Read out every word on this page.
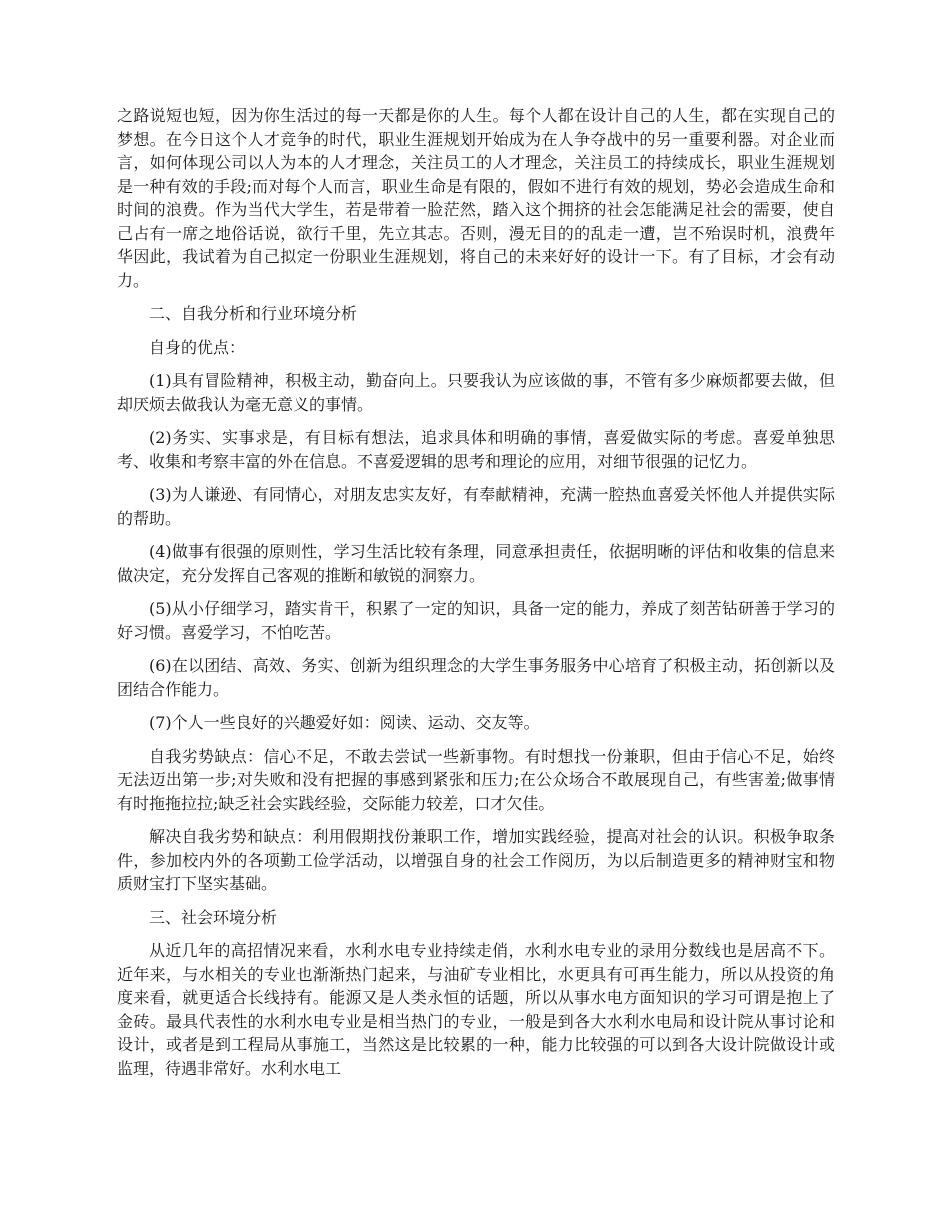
之路说短也短，因为你生活过的每一天都是你的人生。每个人都在设计自己的人生，都在实现自己的梦想。在今日这个人才竞争的时代，职业生涯规划开始成为在人争夺战中的另一重要利器。对企业而言，如何体现公司以人为本的人才理念，关注员工的人才理念，关注员工的持续成长，职业生涯规划是一种有效的手段;而对每个人而言，职业生命是有限的，假如不进行有效的规划，势必会造成生命和时间的浪费。作为当代大学生，若是带着一脸茫然，踏入这个拥挤的社会怎能满足社会的需要，使自己占有一席之地俗话说，欲行千里，先立其志。否则，漫无目的的乱走一遭，岂不殆误时机，浪费年华因此，我试着为自己拟定一份职业生涯规划，将自己的未来好好的设计一下。有了目标，才会有动力。

二、自我分析和行业环境分析

自身的优点：

(1)具有冒险精神，积极主动，勤奋向上。只要我认为应该做的事，不管有多少麻烦都要去做，但却厌烦去做我认为毫无意义的事情。

(2)务实、实事求是，有目标有想法，追求具体和明确的事情，喜爱做实际的考虑。喜爱单独思考、收集和考察丰富的外在信息。不喜爱逻辑的思考和理论的应用，对细节很强的记忆力。

(3)为人谦逊、有同情心，对朋友忠实友好，有奉献精神，充满一腔热血喜爱关怀他人并提供实际的帮助。

(4)做事有很强的原则性，学习生活比较有条理，同意承担责任，依据明晰的评估和收集的信息来做决定，充分发挥自己客观的推断和敏锐的洞察力。

(5)从小仔细学习，踏实肯干，积累了一定的知识，具备一定的能力，养成了刻苦钻研善于学习的好习惯。喜爱学习，不怕吃苦。

(6)在以团结、高效、务实、创新为组织理念的大学生事务服务中心培育了积极主动，拓创新以及团结合作能力。

(7)个人一些良好的兴趣爱好如：阅读、运动、交友等。

自我劣势缺点：信心不足，不敢去尝试一些新事物。有时想找一份兼职，但由于信心不足，始终无法迈出第一步;对失败和没有把握的事感到紧张和压力;在公众场合不敢展现自己，有些害羞;做事情有时拖拖拉拉;缺乏社会实践经验，交际能力较差，口才欠佳。

解决自我劣势和缺点：利用假期找份兼职工作，增加实践经验，提高对社会的认识。积极争取条件，参加校内外的各项勤工俭学活动，以增强自身的社会工作阅历，为以后制造更多的精神财宝和物质财宝打下坚实基础。

三、社会环境分析

从近几年的高招情况来看，水利水电专业持续走俏，水利水电专业的录用分数线也是居高不下。近年来，与水相关的专业也渐渐热门起来，与油矿专业相比，水更具有可再生能力，所以从投资的角度来看，就更适合长线持有。能源又是人类永恒的话题，所以从事水电方面知识的学习可谓是抱上了金砖。最具代表性的水利水电专业是相当热门的专业，一般是到各大水利水电局和设计院从事讨论和设计，或者是到工程局从事施工，当然这是比较累的一种，能力比较强的可以到各大设计院做设计或监理，待遇非常好。水利水电工
